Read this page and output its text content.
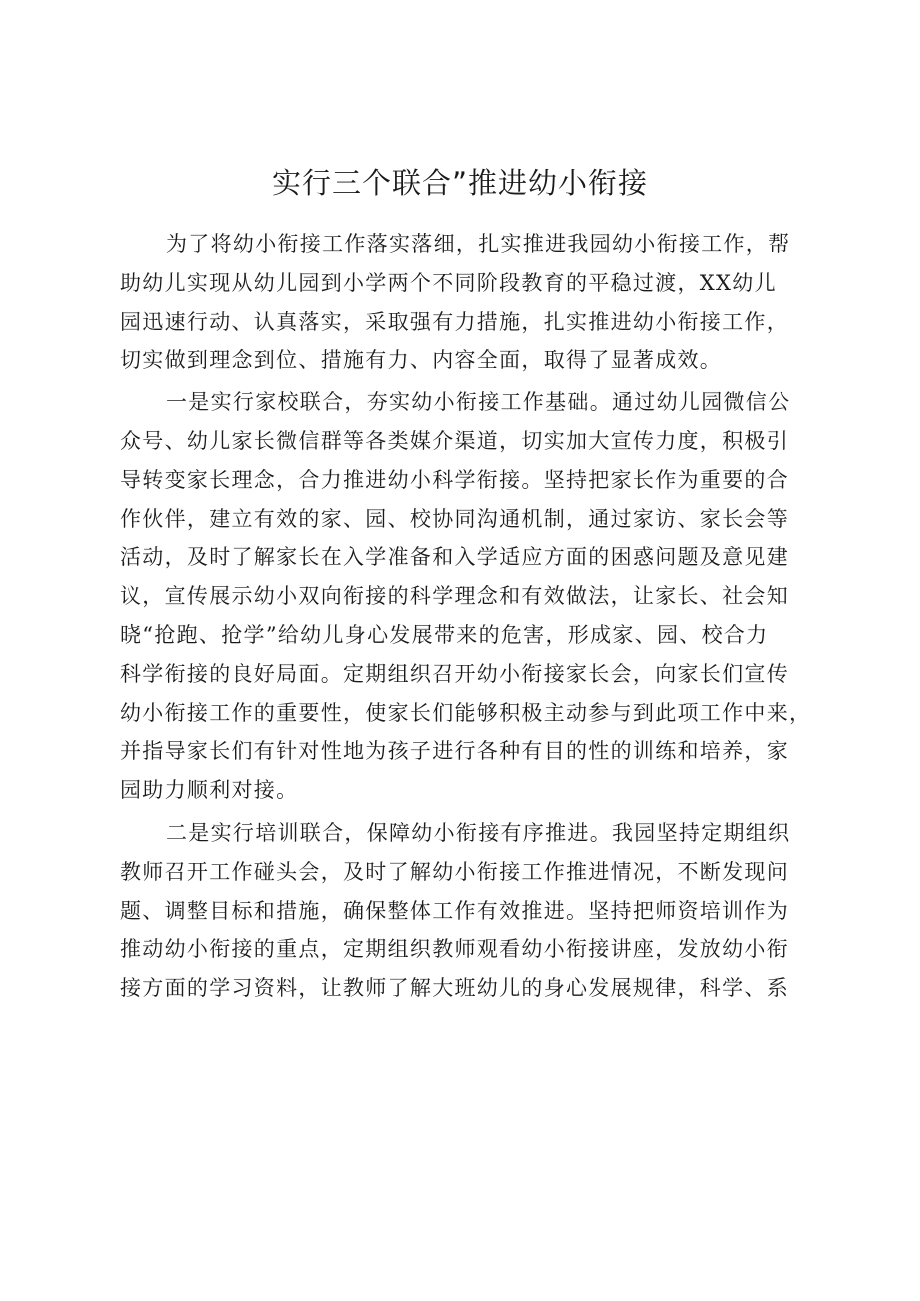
实行三个联合”推进幼小衔接

为了将幼小衔接工作落实落细，扎实推进我园幼小衔接工作，帮
助幼儿实现从幼儿园到小学两个不同阶段教育的平稳过渡，XX幼儿
园迅速行动、认真落实，采取强有力措施，扎实推进幼小衔接工作，
切实做到理念到位、措施有力、内容全面，取得了显著成效。

一是实行家校联合，夯实幼小衔接工作基础。通过幼儿园微信公
众号、幼儿家长微信群等各类媒介渠道，切实加大宣传力度，积极引
导转变家长理念，合力推进幼小科学衔接。坚持把家长作为重要的合
作伙伴，建立有效的家、园、校协同沟通机制，通过家访、家长会等
活动，及时了解家长在入学准备和入学适应方面的困惑问题及意见建
议，宣传展示幼小双向衔接的科学理念和有效做法，让家长、社会知
晓“抢跑、抢学”给幼儿身心发展带来的危害，形成家、园、校合力
科学衔接的良好局面。定期组织召开幼小衔接家长会，向家长们宣传
幼小衔接工作的重要性，使家长们能够积极主动参与到此项工作中来，
并指导家长们有针对性地为孩子进行各种有目的性的训练和培养，家
园助力顺利对接。

二是实行培训联合，保障幼小衔接有序推进。我园坚持定期组织
教师召开工作碰头会，及时了解幼小衔接工作推进情况，不断发现问
题、调整目标和措施，确保整体工作有效推进。坚持把师资培训作为
推动幼小衔接的重点，定期组织教师观看幼小衔接讲座，发放幼小衔
接方面的学习资料，让教师了解大班幼儿的身心发展规律，科学、系
